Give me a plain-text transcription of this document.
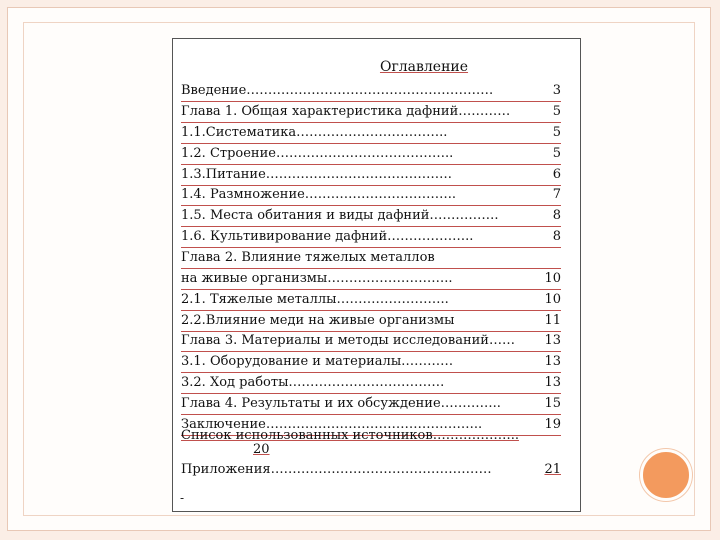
Оглавление
Введение…………………………………………………	3
Глава 1. Общая характеристика дафний…………	5
1.1.Систематика……………………………..	5
1.2. Строение…………………………………..	5
1.3.Питание…………………………………….	6
1.4. Размножение……………………………..	7
1.5. Места обитания и виды дафний…………….	8
1.6. Культивирование дафний………………..	8
Глава 2. Влияние тяжелых металлов
на живые организмы………………………..	10
2.1. Тяжелые металлы……………………..	10
2.2.Влияние меди на живые организмы	11
Глава 3. Материалы и методы исследований…… 13
3.1. Оборудование и материалы…………	13
3.2. Ход работы………………………………	13
Глава 4. Результаты и их обсуждение…………..	15
Заключение…………………………………………..	19
Список использованных источников………………..
20
Приложения……………………………………………	21
-
